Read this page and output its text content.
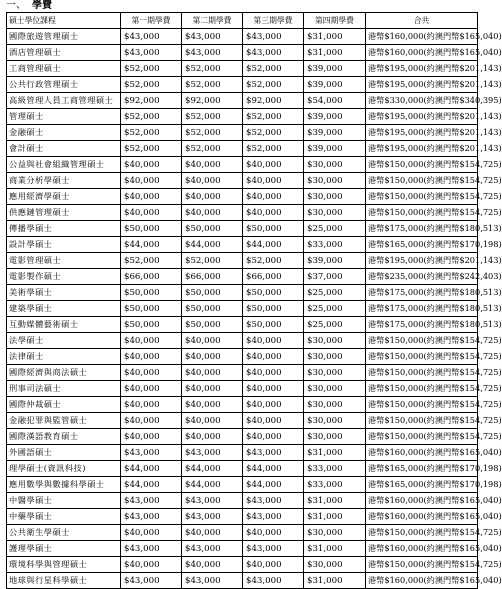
一、 學費
碩士學位課程	第一期學費	第二期學費	第三期學費	第四期學費	合共
國際旅遊管理碩士	$43,000	$43,000	$43,000	$31,000	港幣$160,000(約澳門幣$165,040)
酒店管理碩士	$43,000	$43,000	$43,000	$31,000	港幣$160,000(約澳門幣$165,040)
工商管理碩士	$52,000	$52,000	$52,000	$39,000	港幣$195,000(約澳門幣$201,143)
公共行政管理碩士	$52,000	$52,000	$52,000	$39,000	港幣$195,000(約澳門幣$201,143)
高級管理人員工商管理碩士	$92,000	$92,000	$92,000	$54,000	港幣$330,000(約澳門幣$340,395)
管理碩士	$52,000	$52,000	$52,000	$39,000	港幣$195,000(約澳門幣$201,143)
金融碩士	$52,000	$52,000	$52,000	$39,000	港幣$195,000(約澳門幣$201,143)
會計碩士	$52,000	$52,000	$52,000	$39,000	港幣$195,000(約澳門幣$201,143)
公益與社會組織管理碩士	$40,000	$40,000	$40,000	$30,000	港幣$150,000(約澳門幣$154,725)
商業分析學碩士	$40,000	$40,000	$40,000	$30,000	港幣$150,000(約澳門幣$154,725)
應用經濟學碩士	$40,000	$40,000	$40,000	$30,000	港幣$150,000(約澳門幣$154,725)
供應鏈管理碩士	$40,000	$40,000	$40,000	$30,000	港幣$150,000(約澳門幣$154,725)
傳播學碩士	$50,000	$50,000	$50,000	$25,000	港幣$175,000(約澳門幣$180,513)
設計學碩士	$44,000	$44,000	$44,000	$33,000	港幣$165,000(約澳門幣$170,198)
電影管理碩士	$52,000	$52,000	$52,000	$39,000	港幣$195,000(約澳門幣$201,143)
電影製作碩士	$66,000	$66,000	$66,000	$37,000	港幣$235,000(約澳門幣$242,403)
美術學碩士	$50,000	$50,000	$50,000	$25,000	港幣$175,000(約澳門幣$180,513)
建築學碩士	$50,000	$50,000	$50,000	$25,000	港幣$175,000(約澳門幣$180,513)
互動媒體藝術碩士	$50,000	$50,000	$50,000	$25,000	港幣$175,000(約澳門幣$180,513)
法學碩士	$40,000	$40,000	$40,000	$30,000	港幣$150,000(約澳門幣$154,725)
法律碩士	$40,000	$40,000	$40,000	$30,000	港幣$150,000(約澳門幣$154,725)
國際經濟與商法碩士	$40,000	$40,000	$40,000	$30,000	港幣$150,000(約澳門幣$154,725)
刑事司法碩士	$40,000	$40,000	$40,000	$30,000	港幣$150,000(約澳門幣$154,725)
國際仲裁碩士	$40,000	$40,000	$40,000	$30,000	港幣$150,000(約澳門幣$154,725)
金融犯罪與監管碩士	$40,000	$40,000	$40,000	$30,000	港幣$150,000(約澳門幣$154,725)
國際漢語教育碩士	$40,000	$40,000	$40,000	$30,000	港幣$150,000(約澳門幣$154,725)
外國語碩士	$43,000	$43,000	$43,000	$31,000	港幣$160,000(約澳門幣$165,040)
理學碩士(資訊科技)	$44,000	$44,000	$44,000	$33,000	港幣$165,000(約澳門幣$170,198)
應用數學與數據科學碩士	$44,000	$44,000	$44,000	$33,000	港幣$165,000(約澳門幣$170,198)
中醫學碩士	$43,000	$43,000	$43,000	$31,000	港幣$160,000(約澳門幣$165,040)
中藥學碩士	$43,000	$43,000	$43,000	$31,000	港幣$160,000(約澳門幣$165,040)
公共衛生學碩士	$40,000	$40,000	$40,000	$30,000	港幣$150,000(約澳門幣$154,725)
護理學碩士	$43,000	$43,000	$43,000	$31,000	港幣$160,000(約澳門幣$165,040)
環境科學與管理碩士	$40,000	$40,000	$40,000	$30,000	港幣$150,000(約澳門幣$154,725)
地球與行星科學碩士	$43,000	$43,000	$43,000	$31,000	港幣$160,000(約澳門幣$165,040)
